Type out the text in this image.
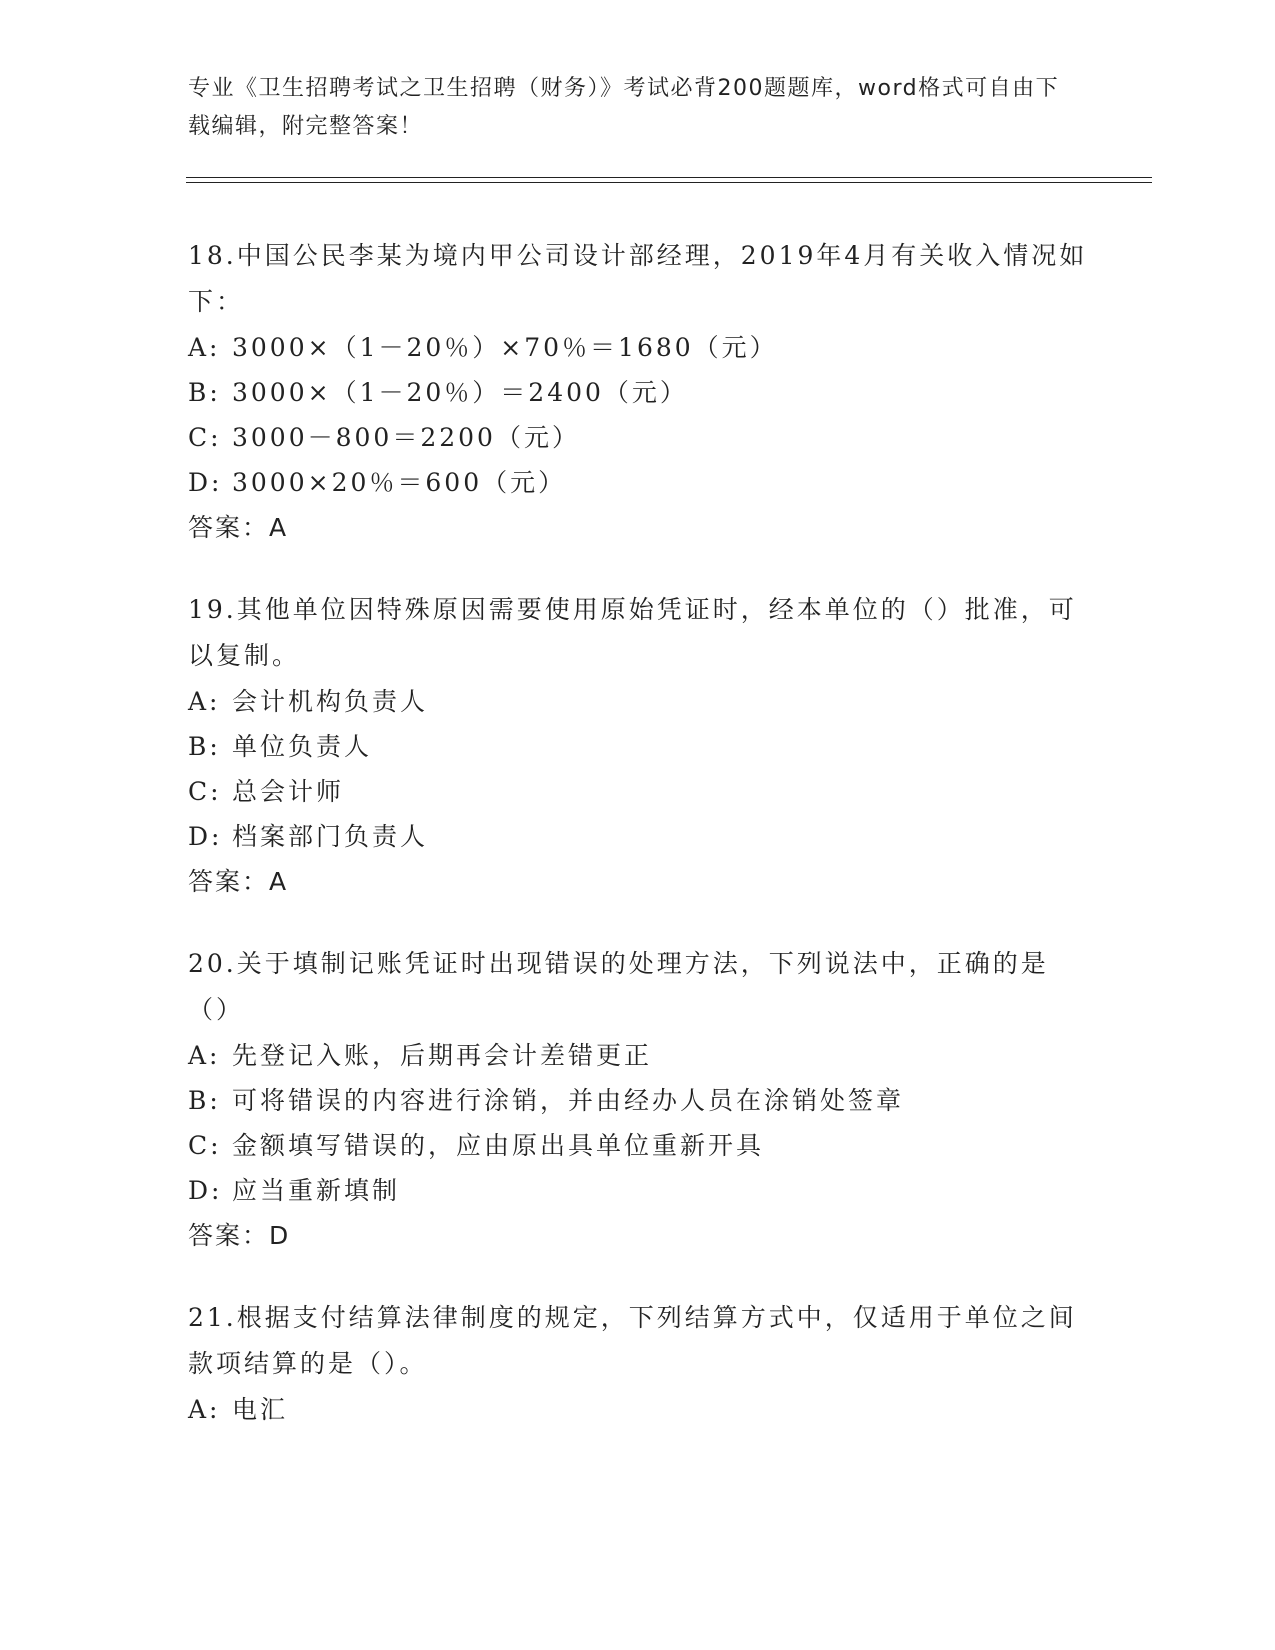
专业《卫生招聘考试之卫生招聘（财务）》考试必背200题题库，word格式可自由下载编辑，附完整答案！
18.中国公民李某为境内甲公司设计部经理，2019年4月有关收入情况如下：
A: 3000×（1－20％）×70％＝1680（元）
B: 3000×（1－20％）＝2400（元）
C: 3000－800＝2200（元）
D: 3000×20％＝600（元）
答案：A
19.其他单位因特殊原因需要使用原始凭证时，经本单位的（）批准，可以复制。
A: 会计机构负责人
B: 单位负责人
C: 总会计师
D: 档案部门负责人
答案：A
20.关于填制记账凭证时出现错误的处理方法，下列说法中，正确的是（）
A: 先登记入账，后期再会计差错更正
B: 可将错误的内容进行涂销，并由经办人员在涂销处签章
C: 金额填写错误的，应由原出具单位重新开具
D: 应当重新填制
答案：D
21.根据支付结算法律制度的规定，下列结算方式中，仅适用于单位之间款项结算的是（）。
A: 电汇
